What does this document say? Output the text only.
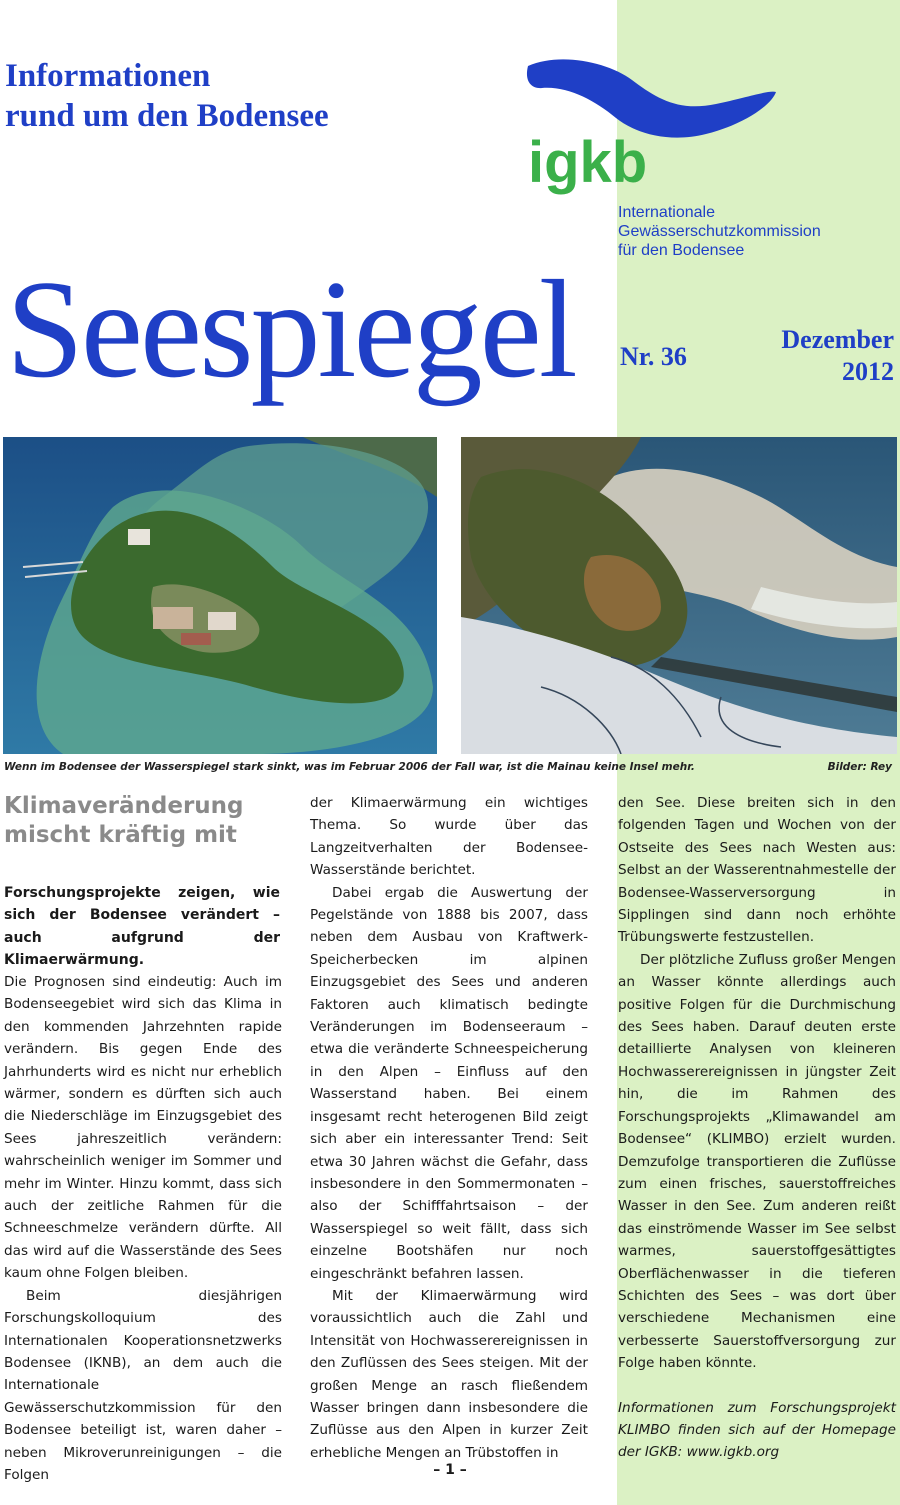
Informationen
rund um den Bodensee
igkb
Internationale
Gewässerschutzkommission
für den Bodensee
Seespiegel Nr. 36
Dezember
2012
Wenn im Bodensee der Wasserspiegel stark sinkt, was im Februar 2006 der Fall war, ist die Mainau keine Insel mehr.	Bilder: Rey
Klimaveränderung
mischt kräftig mit
Forschungsprojekte zeigen, wie sich der Bodensee verändert – auch aufgrund der Klimaerwärmung.

Die Prognosen sind eindeutig: Auch im Bodenseegebiet wird sich das Klima in den kommenden Jahrzehnten rapide verändern. Bis gegen Ende des Jahrhunderts wird es nicht nur erheblich wärmer, sondern es dürften sich auch die Niederschläge im Einzugsgebiet des Sees jahreszeitlich verändern: wahrscheinlich weniger im Sommer und mehr im Winter. Hinzu kommt, dass sich auch der zeitliche Rahmen für die Schneeschmelze verändern dürfte. All das wird auf die Wasserstände des Sees kaum ohne Folgen bleiben.

Beim diesjährigen Forschungskolloquium des Internationalen Kooperationsnetzwerks Bodensee (IKNB), an dem auch die Internationale Gewässerschutzkommission für den Bodensee beteiligt ist, waren daher – neben Mikroverunreinigungen – die Folgen

der Klimaerwärmung ein wichtiges Thema. So wurde über das Langzeitverhalten der Bodensee-Wasserstände berichtet.

Dabei ergab die Auswertung der Pegelstände von 1888 bis 2007, dass neben dem Ausbau von Kraftwerk-Speicherbecken im alpinen Einzugsgebiet des Sees und anderen Faktoren auch klimatisch bedingte Veränderungen im Bodenseeraum – etwa die veränderte Schneespeicherung in den Alpen – Einfluss auf den Wasserstand haben. Bei einem insgesamt recht heterogenen Bild zeigt sich aber ein interessanter Trend: Seit etwa 30 Jahren wächst die Gefahr, dass insbesondere in den Sommermonaten – also der Schifffahrtsaison – der Wasserspiegel so weit fällt, dass sich einzelne Bootshäfen nur noch eingeschränkt befahren lassen.

Mit der Klimaerwärmung wird voraussichtlich auch die Zahl und Intensität von Hochwasserereignissen in den Zuflüssen des Sees steigen. Mit der großen Menge an rasch fließendem Wasser bringen dann insbesondere die Zuflüsse aus den Alpen in kurzer Zeit erhebliche Mengen an Trübstoffen in

den See. Diese breiten sich in den folgenden Tagen und Wochen von der Ostseite des Sees nach Westen aus: Selbst an der Wasserentnahmestelle der Bodensee-Wasserversorgung in Sipplingen sind dann noch erhöhte Trübungswerte festzustellen.

Der plötzliche Zufluss großer Mengen an Wasser könnte allerdings auch positive Folgen für die Durchmischung des Sees haben. Darauf deuten erste detaillierte Analysen von kleineren Hochwasserereignissen in jüngster Zeit hin, die im Rahmen des Forschungsprojekts „Klimawandel am Bodensee“ (KLIMBO) erzielt wurden. Demzufolge transportieren die Zuflüsse zum einen frisches, sauerstoffreiches Wasser in den See. Zum anderen reißt das einströmende Wasser im See selbst warmes, sauerstoffgesättigtes Oberflächenwasser in die tieferen Schichten des Sees – was dort über verschiedene Mechanismen eine verbesserte Sauerstoffversorgung zur Folge haben könnte.

Informationen zum Forschungsprojekt KLIMBO finden sich auf der Homepage der IGKB: www.igkb.org

– 1 –
